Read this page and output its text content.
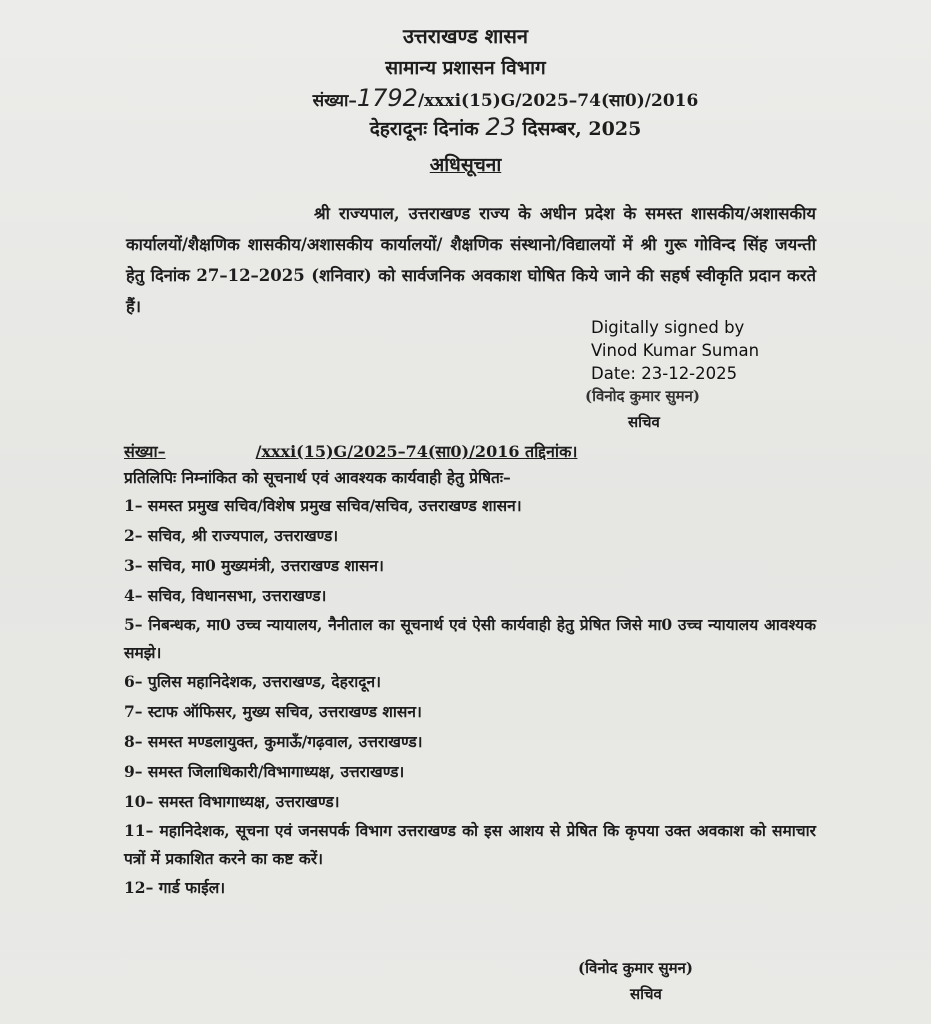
उत्तराखण्ड शासन
सामान्य प्रशासन विभाग
संख्या–1792/xxxi(15)G/2025–74(सा0)/2016
देहरादूनः दिनांक 23 दिसम्बर, 2025
अधिसूचना
श्री राज्यपाल, उत्तराखण्ड राज्य के अधीन प्रदेश के समस्त शासकीय/अशासकीय कार्यालयों/शैक्षणिक शासकीय/अशासकीय कार्यालयों/ शैक्षणिक संस्थानो/विद्यालयों में श्री गुरू गोविन्द सिंह जयन्ती हेतु दिनांक 27–12–2025 (शनिवार) को सार्वजनिक अवकाश घोषित किये जाने की सहर्ष स्वीकृति प्रदान करते हैं।
Digitally signed by
Vinod Kumar Suman
Date: 23-12-2025
(विनोद कुमार सुमन)
सचिव
संख्या–	/xxxi(15)G/2025–74(सा0)/2016 तद्दिनांक।
प्रतिलिपिः निम्नांकित को सूचनार्थ एवं आवश्यक कार्यवाही हेतु प्रेषितः–
1– समस्त प्रमुख सचिव/विशेष प्रमुख सचिव/सचिव, उत्तराखण्ड शासन।
2– सचिव, श्री राज्यपाल, उत्तराखण्ड।
3– सचिव, मा0 मुख्यमंत्री, उत्तराखण्ड शासन।
4– सचिव, विधानसभा, उत्तराखण्ड।
5– निबन्धक, मा0 उच्च न्यायालय, नैनीताल का सूचनार्थ एवं ऐसी कार्यवाही हेतु प्रेषित जिसे मा0 उच्च न्यायालय आवश्यक समझे।
6– पुलिस महानिदेशक, उत्तराखण्ड, देहरादून।
7– स्टाफ ऑफिसर, मुख्य सचिव, उत्तराखण्ड शासन।
8– समस्त मण्डलायुक्त, कुमाऊँ/गढ़वाल, उत्तराखण्ड।
9– समस्त जिलाधिकारी/विभागाध्यक्ष, उत्तराखण्ड।
10– समस्त विभागाध्यक्ष, उत्तराखण्ड।
11– महानिदेशक, सूचना एवं जनसपर्क विभाग उत्तराखण्ड को इस आशय से प्रेषित कि कृपया उक्त अवकाश को समाचार पत्रों में प्रकाशित करने का कष्ट करें।
12– गार्ड फाईल।
(विनोद कुमार सुमन)
सचिव
